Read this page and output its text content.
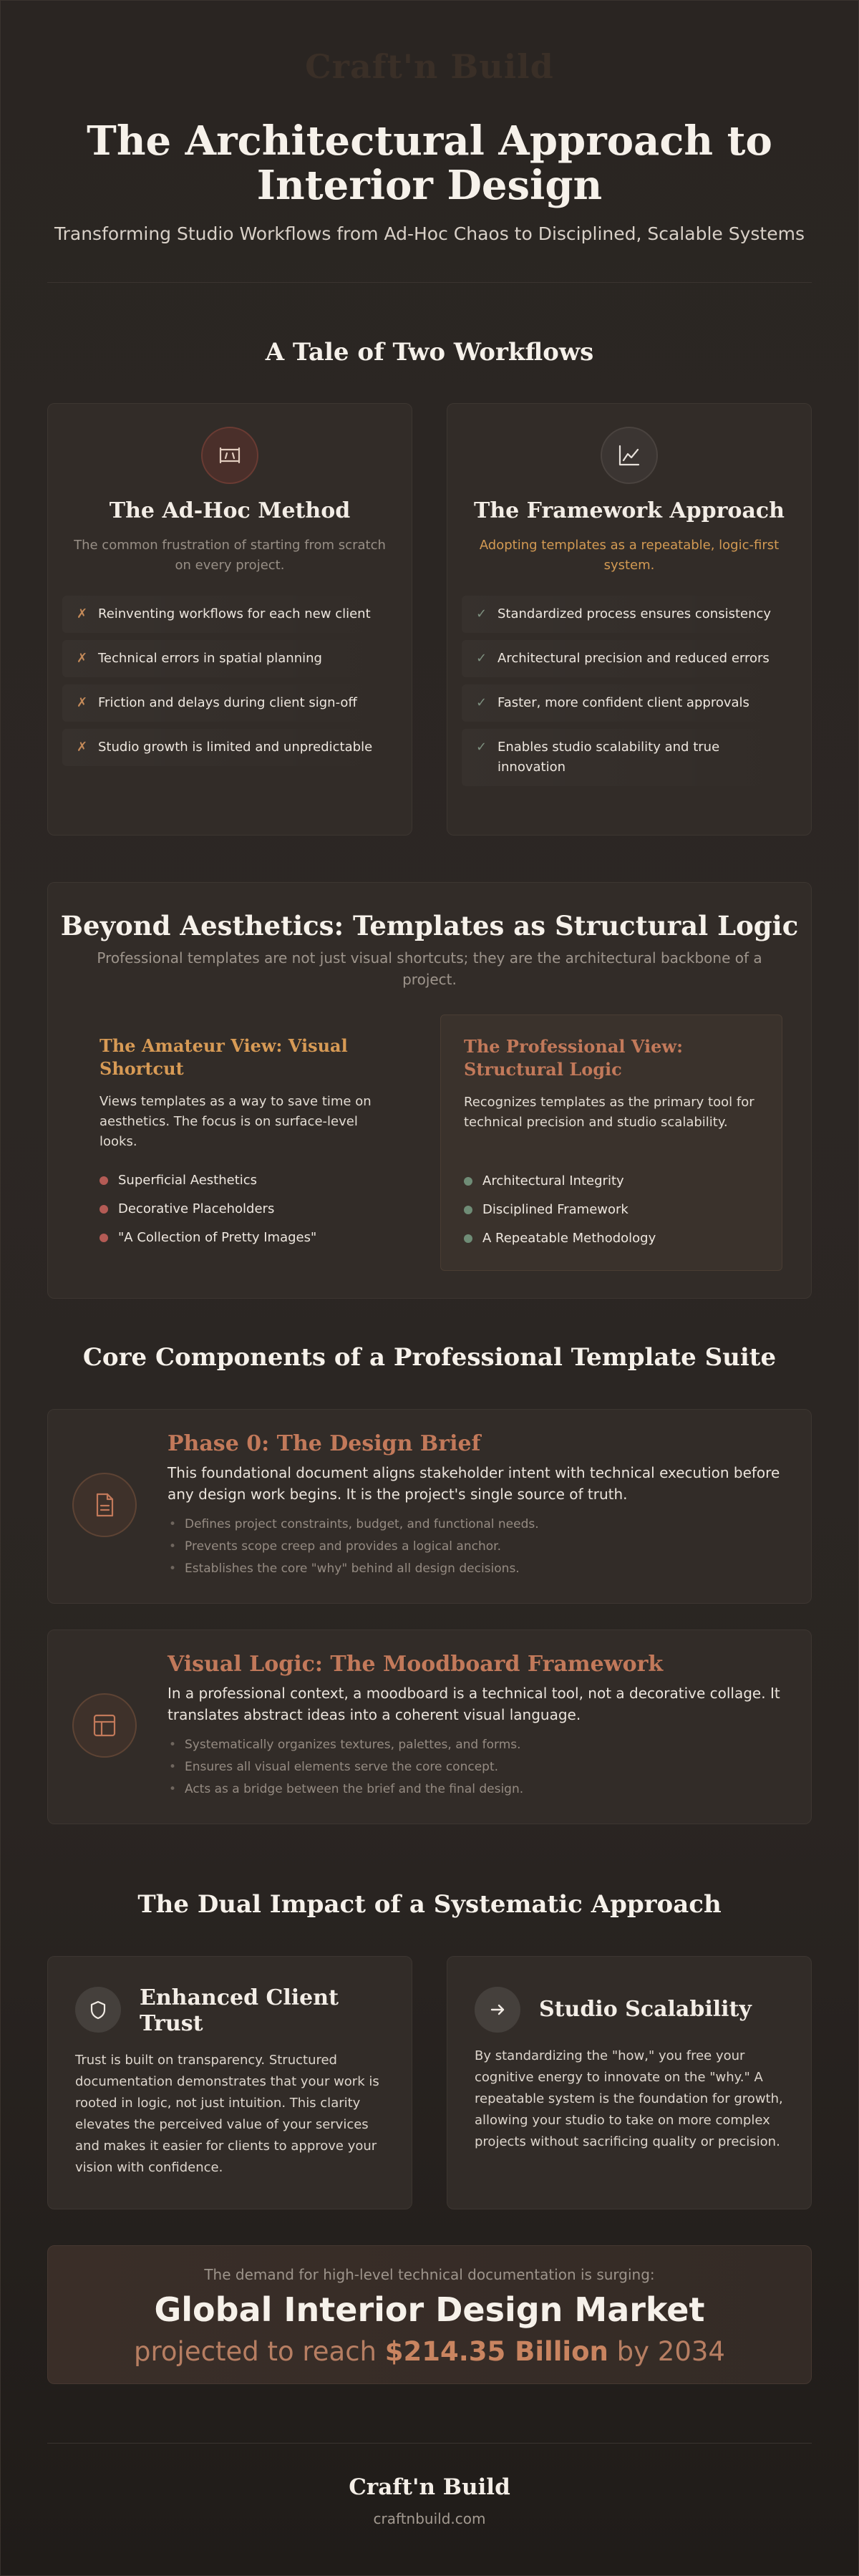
Craft'n Build
The Architectural Approach to Interior Design
Transforming Studio Workflows from Ad-Hoc Chaos to Disciplined, Scalable Systems
A Tale of Two Workflows
The Ad-Hoc Method
The common frustration of starting from scratch on every project.
✗ Reinventing workflows for each new client
✗ Technical errors in spatial planning
✗ Friction and delays during client sign-off
✗ Studio growth is limited and unpredictable
The Framework Approach
Adopting templates as a repeatable, logic-first system.
✓ Standardized process ensures consistency
✓ Architectural precision and reduced errors
✓ Faster, more confident client approvals
✓ Enables studio scalability and true innovation
Beyond Aesthetics: Templates as Structural Logic
Professional templates are not just visual shortcuts; they are the architectural backbone of a project.
The Amateur View: Visual Shortcut

Views templates as a way to save time on aesthetics. The focus is on surface-level looks.

Superficial Aesthetics
Decorative Placeholders
"A Collection of Pretty Images"
The Professional View: Structural Logic

Recognizes templates as the primary tool for technical precision and studio scalability.

Architectural Integrity
Disciplined Framework
A Repeatable Methodology
Core Components of a Professional Template Suite
Phase 0: The Design Brief

This foundational document aligns stakeholder intent with technical execution before any design work begins. It is the project's single source of truth.

• Defines project constraints, budget, and functional needs.
• Prevents scope creep and provides a logical anchor.
• Establishes the core "why" behind all design decisions.
Visual Logic: The Moodboard Framework

In a professional context, a moodboard is a technical tool, not a decorative collage. It translates abstract ideas into a coherent visual language.

• Systematically organizes textures, palettes, and forms.
• Ensures all visual elements serve the core concept.
• Acts as a bridge between the brief and the final design.
The Dual Impact of a Systematic Approach
Enhanced Client Trust
Trust is built on transparency. Structured documentation demonstrates that your work is rooted in logic, not just intuition. This clarity elevates the perceived value of your services and makes it easier for clients to approve your vision with confidence.
Studio Scalability
By standardizing the "how," you free your cognitive energy to innovate on the "why." A repeatable system is the foundation for growth, allowing your studio to take on more complex projects without sacrificing quality or precision.
The demand for high-level technical documentation is surging:
Global Interior Design Market
projected to reach $214.35 Billion by 2034
Craft'n Build
craftnbuild.com
